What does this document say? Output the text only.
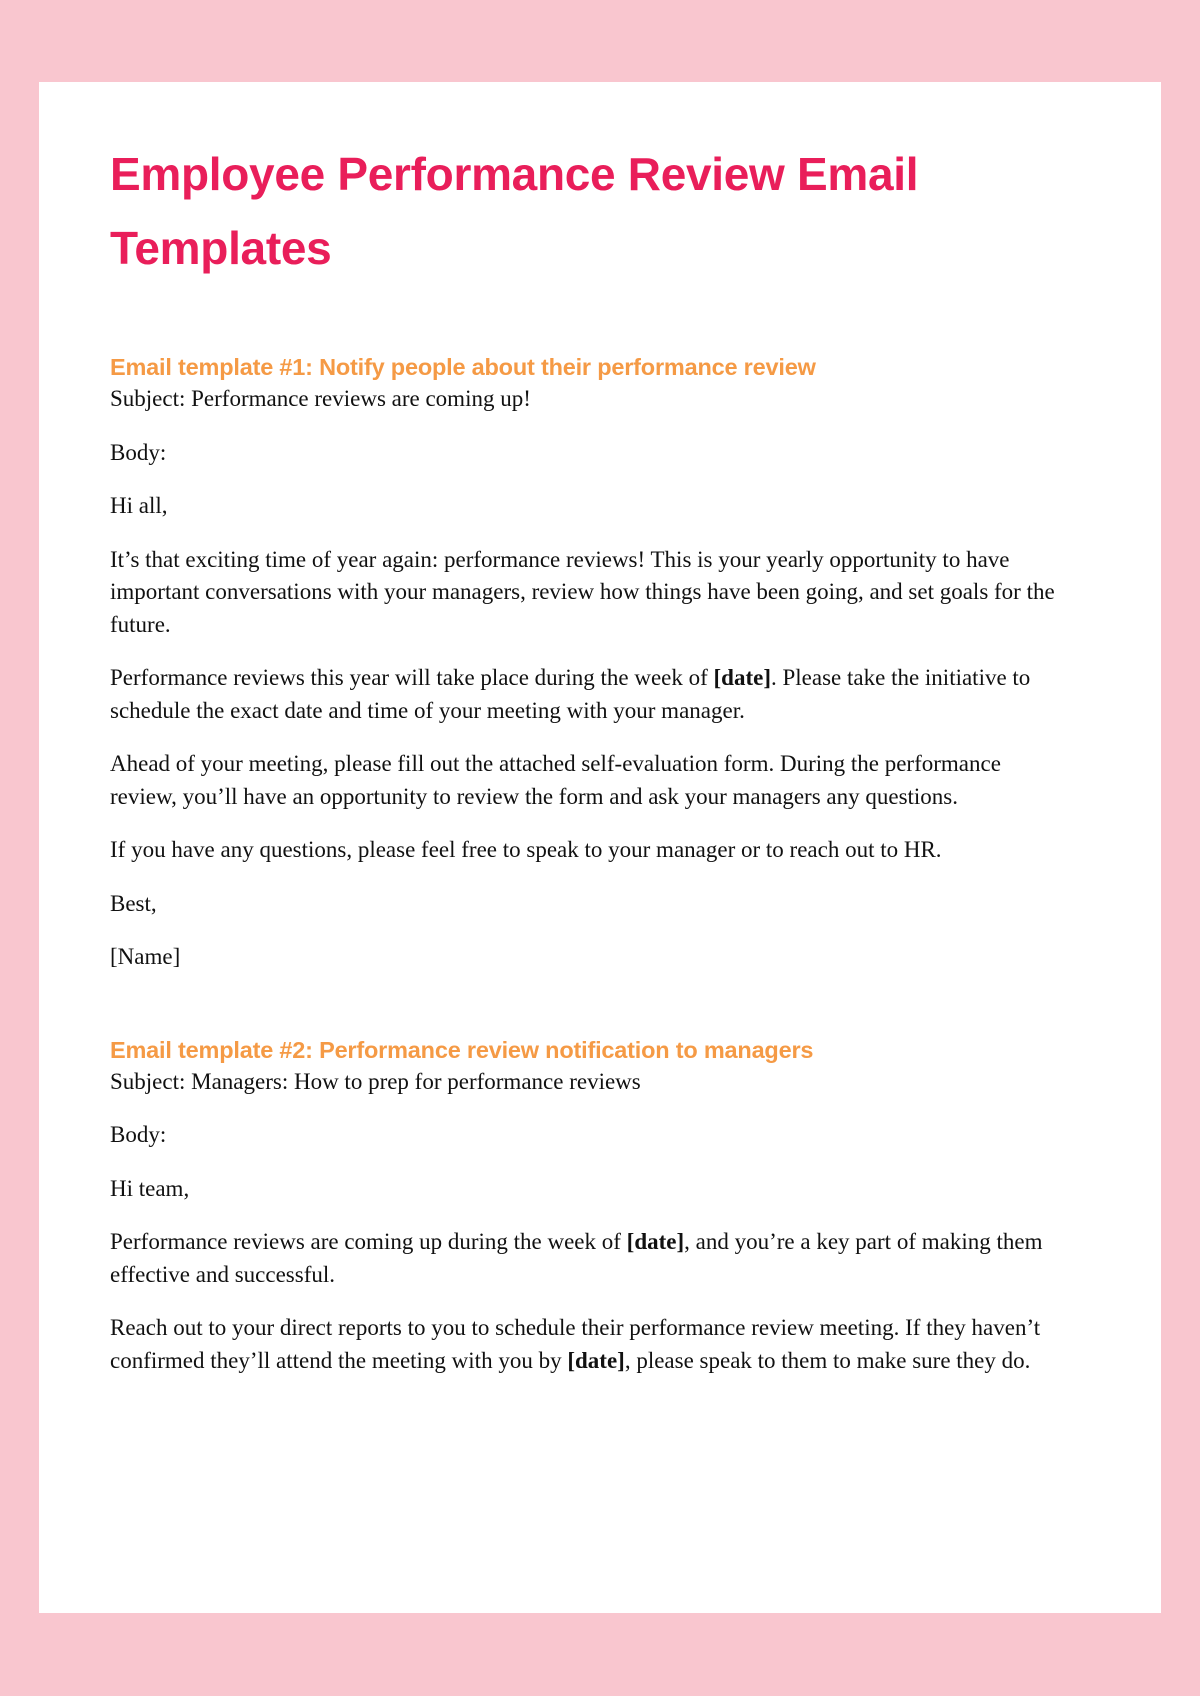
Employee Performance Review Email Templates
Email template #1: Notify people about their performance review

Subject: Performance reviews are coming up!

Body:

Hi all,

It’s that exciting time of year again: performance reviews! This is your yearly opportunity to have important conversations with your managers, review how things have been going, and set goals for the future.

Performance reviews this year will take place during the week of [date]. Please take the initiative to schedule the exact date and time of your meeting with your manager.

Ahead of your meeting, please fill out the attached self-evaluation form. During the performance review, you’ll have an opportunity to review the form and ask your managers any questions.

If you have any questions, please feel free to speak to your manager or to reach out to HR.

Best,

[Name]

Email template #2: Performance review notification to managers

Subject: Managers: How to prep for performance reviews

Body:

Hi team,

Performance reviews are coming up during the week of [date], and you’re a key part of making them effective and successful.

Reach out to your direct reports to you to schedule their performance review meeting. If they haven’t confirmed they’ll attend the meeting with you by [date], please speak to them to make sure they do.
